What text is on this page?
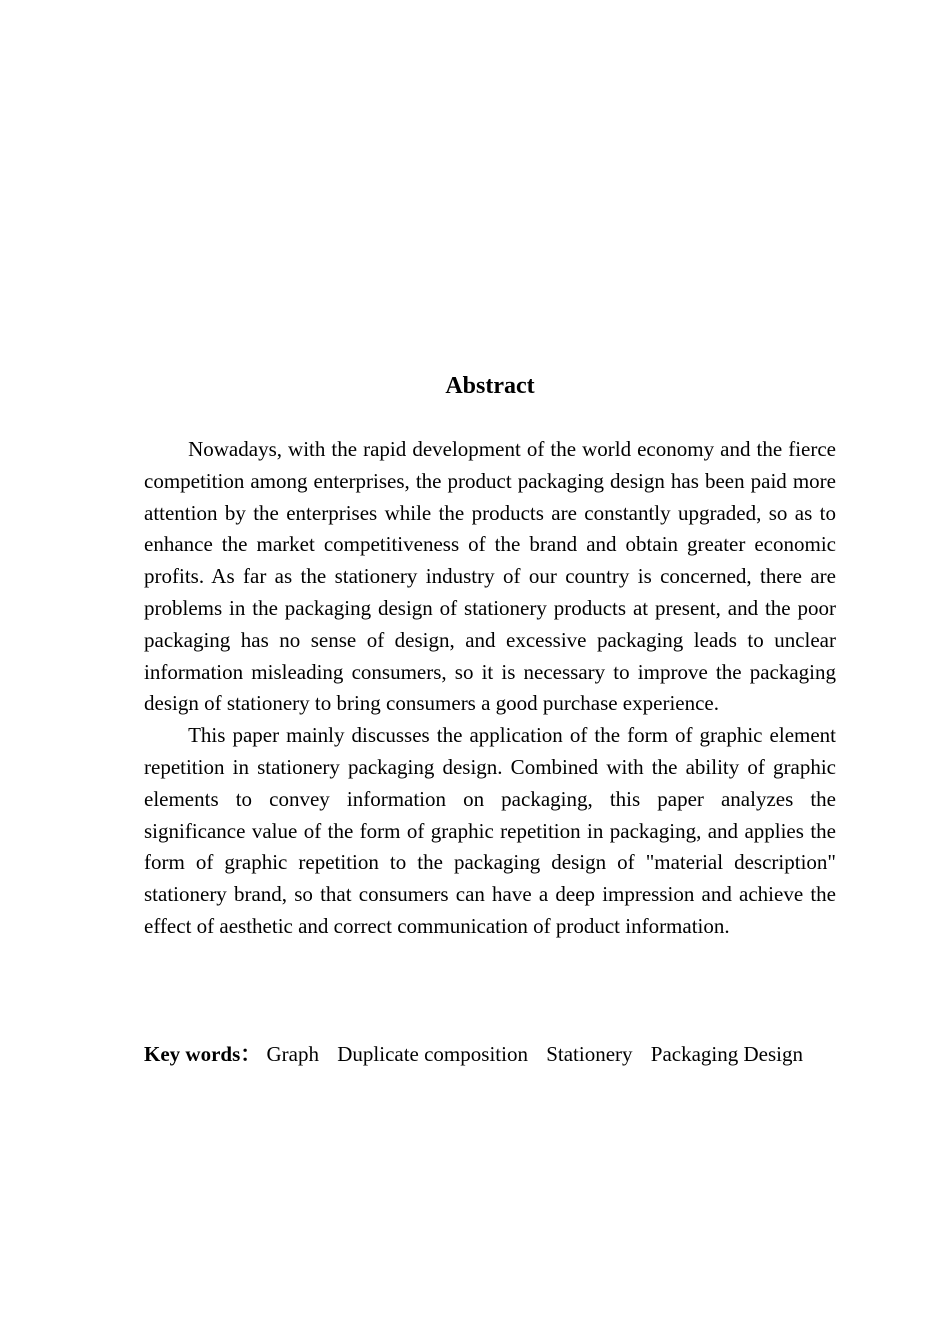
Abstract

Nowadays, with the rapid development of the world economy and the fierce competition among enterprises, the product packaging design has been paid more attention by the enterprises while the products are constantly upgraded, so as to enhance the market competitiveness of the brand and obtain greater economic profits. As far as the stationery industry of our country is concerned, there are problems in the packaging design of stationery products at present, and the poor packaging has no sense of design, and excessive packaging leads to unclear information misleading consumers, so it is necessary to improve the packaging design of stationery to bring consumers a good purchase experience.

This paper mainly discusses the application of the form of graphic element repetition in stationery packaging design. Combined with the ability of graphic elements to convey information on packaging, this paper analyzes the significance value of the form of graphic repetition in packaging, and applies the form of graphic repetition to the packaging design of "material description" stationery brand, so that consumers can have a deep impression and achieve the effect of aesthetic and correct communication of product information.

Key words： Graph Duplicate composition Stationery Packaging Design
